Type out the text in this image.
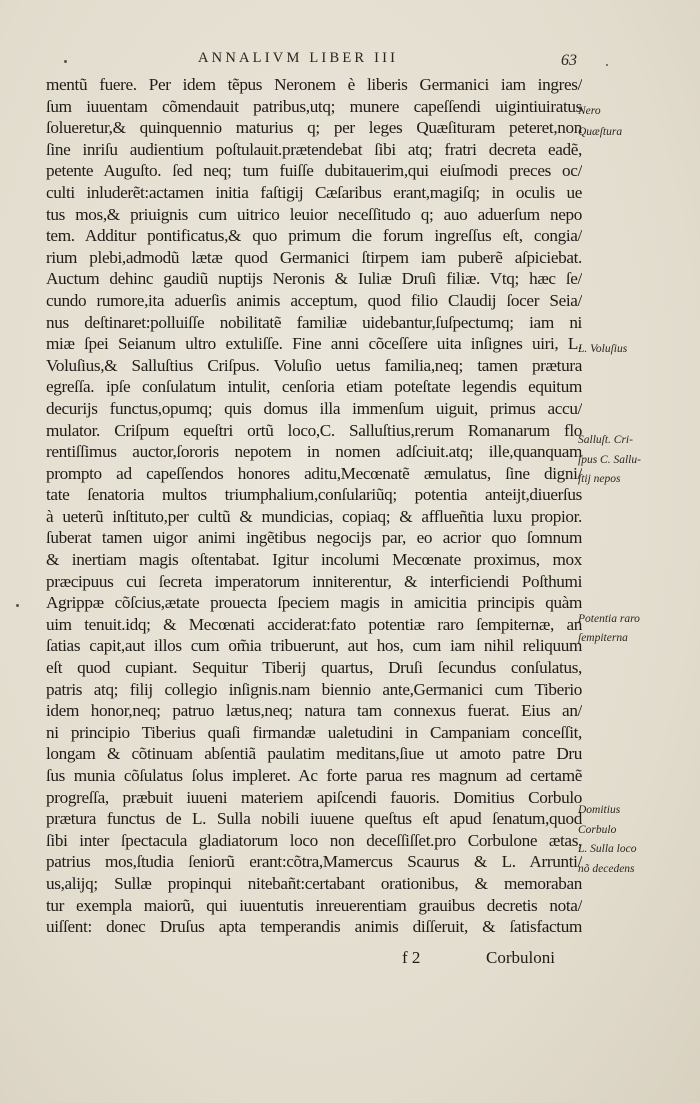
ANNALIVM LIBER III	63
mentũ fuere. Per idem tẽpus Neronem è liberis Germanici iam ingres/
ſum iuuentam cõmendauit patribus,utq; munere capeſſendi uigintiuiratus
ſolueretur,& quinquennio maturius q; per leges Quæſituram peteret,non
ſine inriſu audientium poſtulauit.prætendebat ſibi atq; fratri decreta eadẽ,
petente Auguſto. ſed neq; tum fuiſſe dubitauerim,qui eiuſmodi preces oc/
culti inluderẽt:actamen initia faſtigij Cæſaribus erant,magiſq; in oculis ue
tus mos,& priuignis cum uitrico leuior neceſſitudo q; auo aduerſum nepo
tem. Additur pontificatus,& quo primum die forum ingreſſus eſt, congia/
rium plebi,admodũ lætæ quod Germanici ſtirpem iam puberẽ aſpiciebat.
Auctum dehinc gaudiũ nuptijs Neronis & Iuliæ Druſi filiæ. Vtq; hæc ſe/
cundo rumore,ita aduerſis animis acceptum, quod filio Claudij ſocer Seia/
nus deſtinaret:polluiſſe nobilitatẽ familiæ uidebantur,ſuſpectumq; iam ni
miæ ſpei Seianum ultro extuliſſe. Fine anni cõceſſere uita inſignes uiri, L.
Voluſius,& Salluſtius Criſpus. Voluſio uetus familia,neq; tamen prætura
egreſſa. ipſe conſulatum intulit, cenſoria etiam poteſtate legendis equitum
decurijs functus,opumq; quis domus illa immenſum uiguit, primus accu/
mulator. Criſpum equeſtri ortũ loco,C. Salluſtius,rerum Romanarum flo
rentiſſimus auctor,ſororis nepotem in nomen adſciuit.atq; ille,quanquam
prompto ad capeſſendos honores aditu,Mecœnatẽ æmulatus, ſine digni/
tate ſenatoria multos triumphalium,conſulariũq; potentia anteijt,diuerſus
à ueterũ inſtituto,per cultũ & mundicias, copiaq; & afflueñtia luxu propior.
ſuberat tamen uigor animi ingẽtibus negocijs par, eo acrior quo ſomnum
& inertiam magis oſtentabat. Igitur incolumi Mecœnate proximus, mox
præcipuus cui ſecreta imperatorum inniterentur, & interficiendi Poſthumi
Agrippæ cõſcius,ætate prouecta ſpeciem magis in amicitia principis quàm
uim tenuit.idq; & Mecœnati acciderat:fato potentiæ raro ſempiternæ, an
ſatias capit,aut illos cum om̃ia tribuerunt, aut hos, cum iam nihil reliquum
eſt quod cupiant. Sequitur Tiberij quartus, Druſi ſecundus conſulatus,
patris atq; filij collegio inſignis.nam biennio ante,Germanici cum Tiberio
idem honor,neq; patruo lætus,neq; natura tam connexus fuerat. Eius an/
ni principio Tiberius quaſi firmandæ ualetudini in Campaniam conceſſit,
longam & cõtinuam abſentiã paulatim meditans,ſiue ut amoto patre Dru
ſus munia cõſulatus ſolus impleret. Ac forte parua res magnum ad certamẽ
progreſſa, præbuit iuueni materiem apiſcendi fauoris. Domitius Corbulo
prætura functus de L. Sulla nobili iuuene queſtus eſt apud ſenatum,quod
ſibi inter ſpectacula gladiatorum loco non deceſſiſſet.pro Corbulone ætas,
patrius mos,ſtudia ſeniorũ erant:cõtra,Mamercus Scaurus & L. Arrunti/
us,alijq; Sullæ propinqui nitebañt:certabant orationibus, & memoraban
tur exempla maiorũ, qui iuuentutis inreuerentiam grauibus decretis nota/
uiſſent: donec Druſus apta temperandis animis diſſeruit, & ſatisfactum
Nero
Quæſtura
L. Voluſius
Salluſt. Cri-
ſpus C. Sallu-
ſtij nepos
Potentia raro
ſempiterna
Domitius
Corbulo
L. Sulla loco
nõ decedens
f 2	Corbuloni
